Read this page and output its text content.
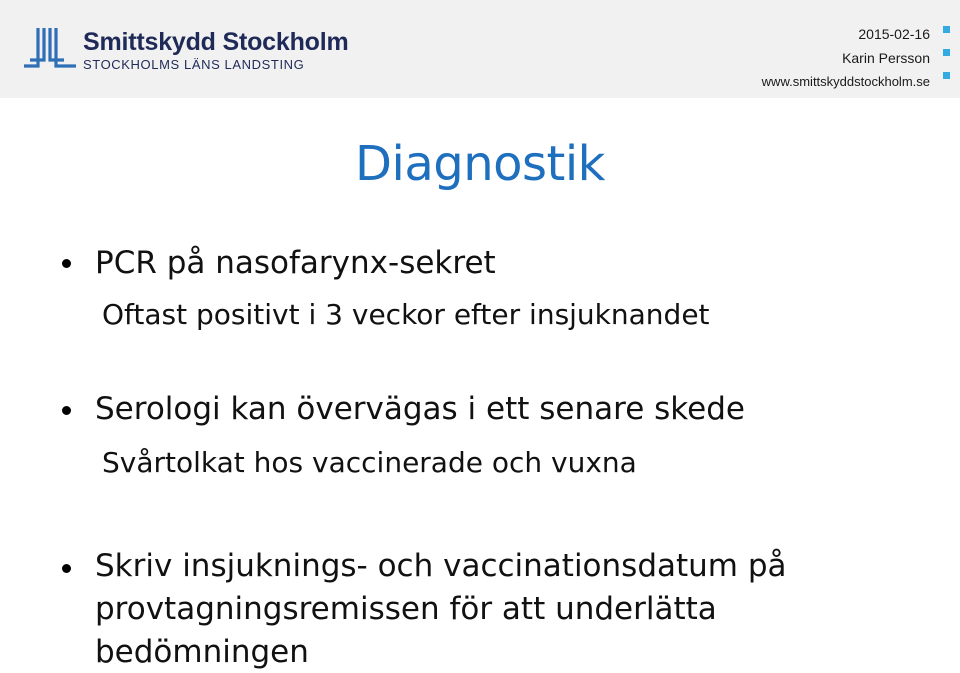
Smittskydd Stockholm
STOCKHOLMS LÄNS LANDSTING
2015-02-16
Karin Persson
www.smittskyddstockholm.se
Diagnostik
PCR på nasofarynx-sekret
Oftast positivt i 3 veckor efter insjuknandet
Serologi kan övervägas i ett senare skede
Svårtolkat hos vaccinerade och vuxna
Skriv insjuknings- och vaccinationsdatum på
provtagningsremissen för att underlätta
bedömningen
